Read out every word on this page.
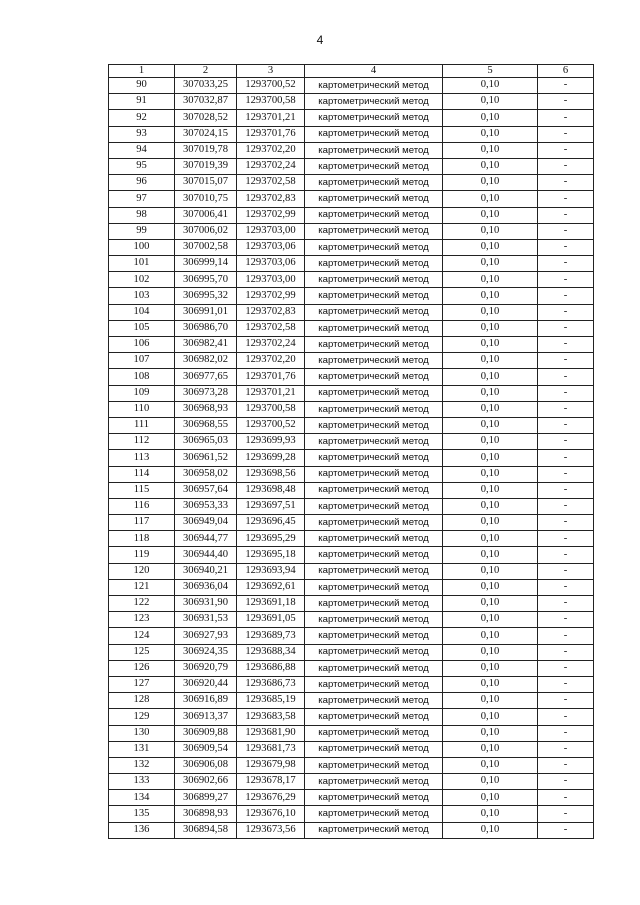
4
1	2	3	4	5	6
90	307033,25	1293700,52	картометрический метод	0,10	-
91	307032,87	1293700,58	картометрический метод	0,10	-
92	307028,52	1293701,21	картометрический метод	0,10	-
93	307024,15	1293701,76	картометрический метод	0,10	-
94	307019,78	1293702,20	картометрический метод	0,10	-
95	307019,39	1293702,24	картометрический метод	0,10	-
96	307015,07	1293702,58	картометрический метод	0,10	-
97	307010,75	1293702,83	картометрический метод	0,10	-
98	307006,41	1293702,99	картометрический метод	0,10	-
99	307006,02	1293703,00	картометрический метод	0,10	-
100	307002,58	1293703,06	картометрический метод	0,10	-
101	306999,14	1293703,06	картометрический метод	0,10	-
102	306995,70	1293703,00	картометрический метод	0,10	-
103	306995,32	1293702,99	картометрический метод	0,10	-
104	306991,01	1293702,83	картометрический метод	0,10	-
105	306986,70	1293702,58	картометрический метод	0,10	-
106	306982,41	1293702,24	картометрический метод	0,10	-
107	306982,02	1293702,20	картометрический метод	0,10	-
108	306977,65	1293701,76	картометрический метод	0,10	-
109	306973,28	1293701,21	картометрический метод	0,10	-
110	306968,93	1293700,58	картометрический метод	0,10	-
111	306968,55	1293700,52	картометрический метод	0,10	-
112	306965,03	1293699,93	картометрический метод	0,10	-
113	306961,52	1293699,28	картометрический метод	0,10	-
114	306958,02	1293698,56	картометрический метод	0,10	-
115	306957,64	1293698,48	картометрический метод	0,10	-
116	306953,33	1293697,51	картометрический метод	0,10	-
117	306949,04	1293696,45	картометрический метод	0,10	-
118	306944,77	1293695,29	картометрический метод	0,10	-
119	306944,40	1293695,18	картометрический метод	0,10	-
120	306940,21	1293693,94	картометрический метод	0,10	-
121	306936,04	1293692,61	картометрический метод	0,10	-
122	306931,90	1293691,18	картометрический метод	0,10	-
123	306931,53	1293691,05	картометрический метод	0,10	-
124	306927,93	1293689,73	картометрический метод	0,10	-
125	306924,35	1293688,34	картометрический метод	0,10	-
126	306920,79	1293686,88	картометрический метод	0,10	-
127	306920,44	1293686,73	картометрический метод	0,10	-
128	306916,89	1293685,19	картометрический метод	0,10	-
129	306913,37	1293683,58	картометрический метод	0,10	-
130	306909,88	1293681,90	картометрический метод	0,10	-
131	306909,54	1293681,73	картометрический метод	0,10	-
132	306906,08	1293679,98	картометрический метод	0,10	-
133	306902,66	1293678,17	картометрический метод	0,10	-
134	306899,27	1293676,29	картометрический метод	0,10	-
135	306898,93	1293676,10	картометрический метод	0,10	-
136	306894,58	1293673,56	картометрический метод	0,10	-
